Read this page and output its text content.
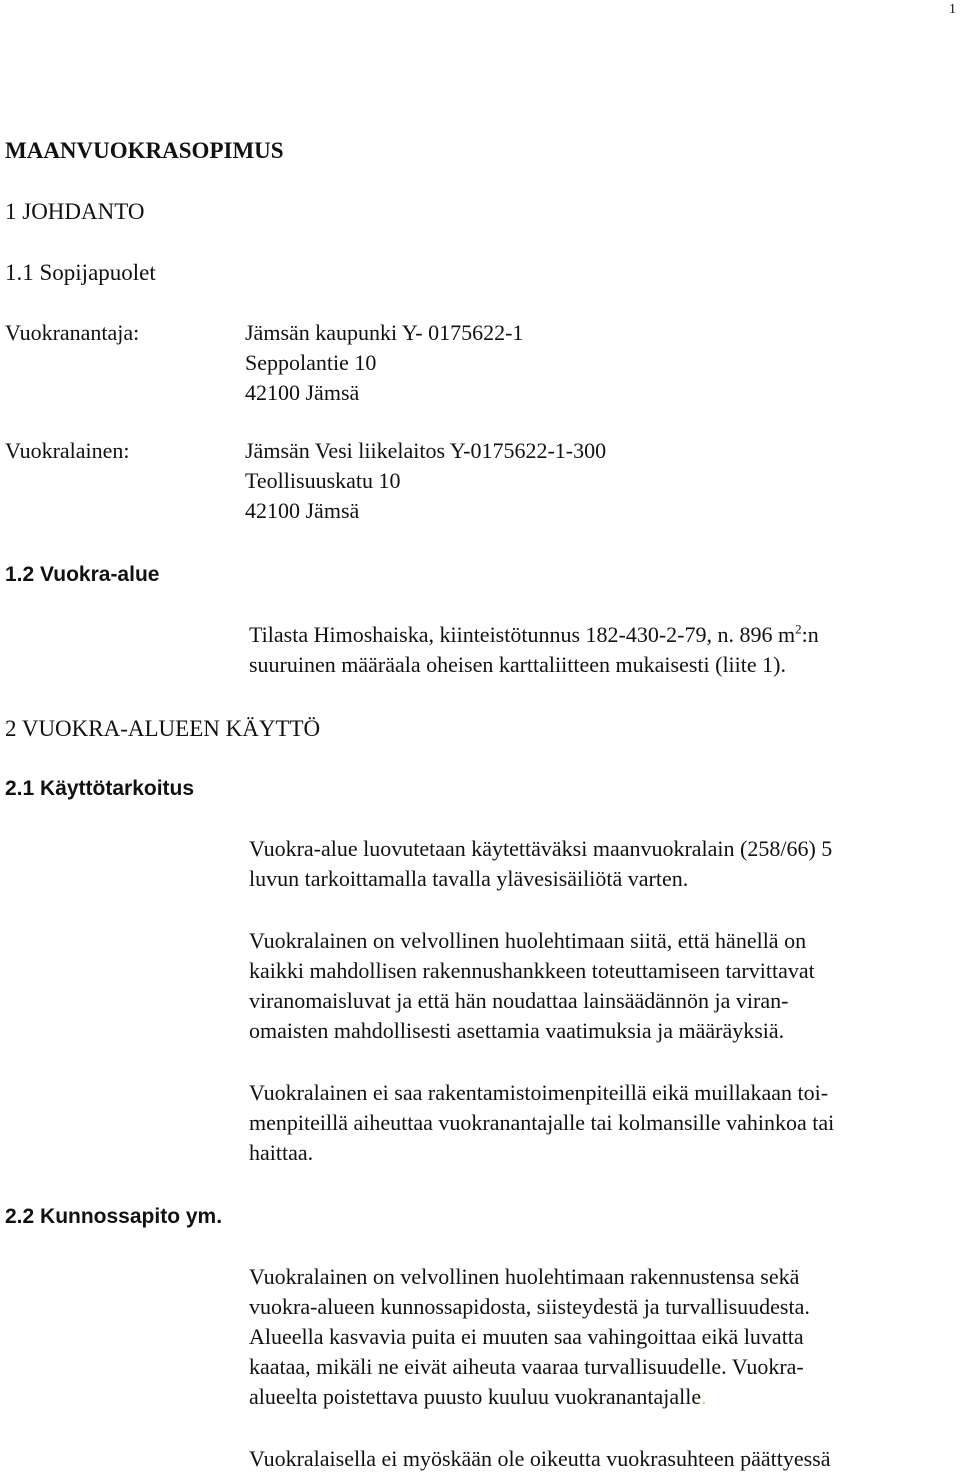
1
MAANVUOKRASOPIMUS
1 JOHDANTO
1.1 Sopijapuolet
Vuokranantaja:	Jämsän kaupunki Y- 0175622-1
Seppolantie 10
42100 Jämsä
Vuokralainen:	Jämsän Vesi liikelaitos Y-0175622-1-300
Teollisuuskatu 10
42100 Jämsä
1.2 Vuokra-alue
Tilasta Himoshaiska, kiinteistötunnus 182-430-2-79, n. 896 $m^2:n$
suuruinen määräala oheisen karttaliitteen mukaisesti (liite 1).
2 VUOKRA-ALUEEN KÄYTTÖ
2.1 Käyttötarkoitus
Vuokra-alue luovutetaan käytettäväksi maanvuokralain (258/66) 5
luvun tarkoittamalla tavalla ylävesisäiliötä varten.
Vuokralainen on velvollinen huolehtimaan siitä, että hänellä on
kaikki mahdollisen rakennushankkeen toteuttamiseen tarvittavat
viranomaisluvat ja että hän noudattaa lainsäädännön ja viran-
omaisten mahdollisesti asettamia vaatimuksia ja määräyksiä.
Vuokralainen ei saa rakentamistoimenpiteillä eikä muillakaan toi-
menpiteillä aiheuttaa vuokranantajalle tai kolmansille vahinkoa tai
haittaa.
2.2 Kunnossapito ym.
Vuokralainen on velvollinen huolehtimaan rakennustensa sekä
vuokra-alueen kunnossapidosta, siisteydestä ja turvallisuudesta.
Alueella kasvavia puita ei muuten saa vahingoittaa eikä luvatta
kaataa, mikäli ne eivät aiheuta vaaraa turvallisuudelle. Vuokra-
alueelta poistettava puusto kuuluu vuokranantajalle.
Vuokralaisella ei myöskään ole oikeutta vuokrasuhteen päättyessä
